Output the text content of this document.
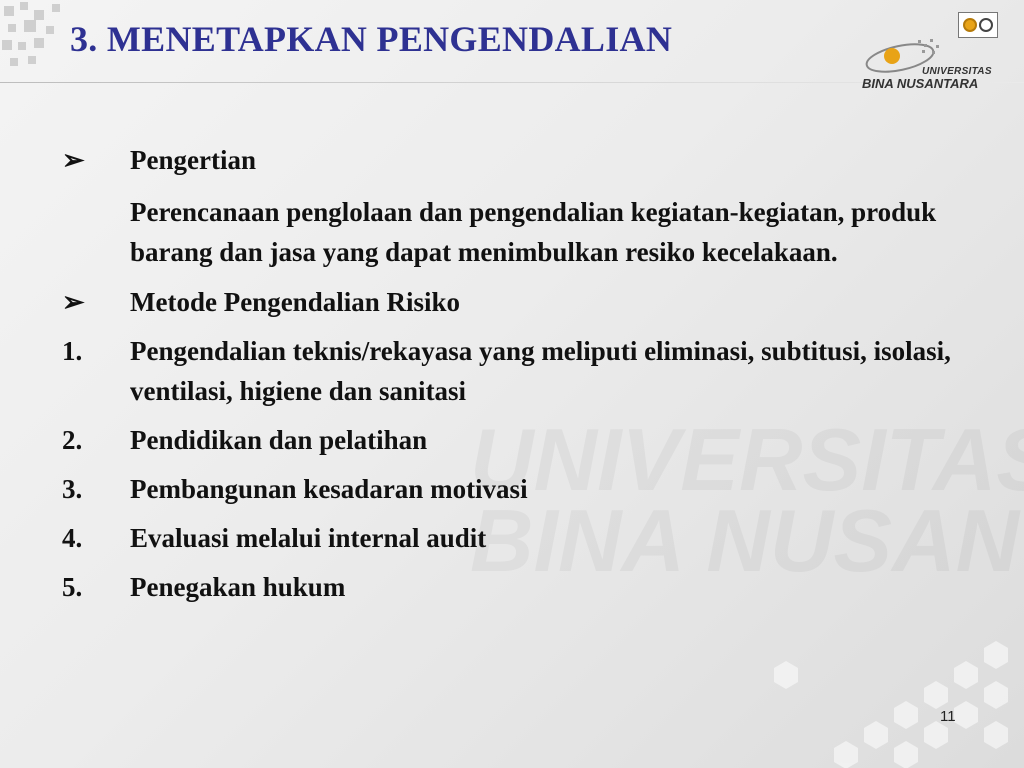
3. MENETAPKAN PENGENDALIAN
UNIVERSITAS
BINA NUSANTARA
➢	Pengertian
Perencanaan penglolaan dan pengendalian kegiatan-kegiatan, produk barang dan jasa yang dapat menimbulkan resiko kecelakaan.
➢	Metode Pengendalian Risiko
1.	Pengendalian teknis/rekayasa yang meliputi eliminasi, subtitusi, isolasi, ventilasi, higiene dan sanitasi
2.	Pendidikan dan pelatihan
3.	Pembangunan kesadaran motivasi
4.	Evaluasi melalui internal audit
5.	Penegakan hukum
11
